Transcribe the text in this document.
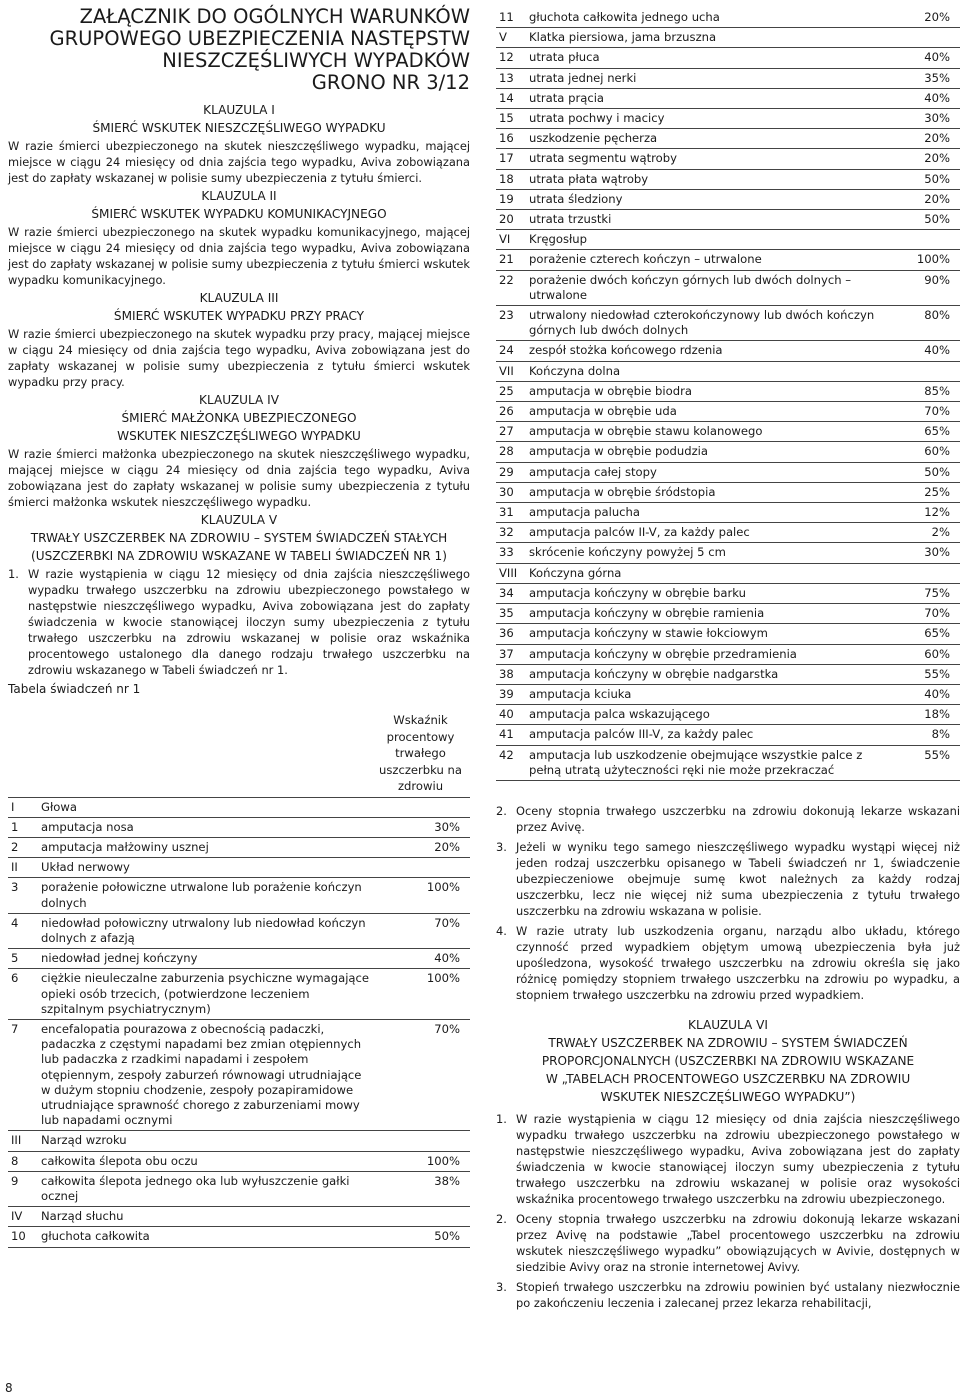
ZAŁĄCZNIK DO OGÓLNYCH WARUNKÓW
GRUPOWEGO UBEZPIECZENIA NASTĘPSTW
NIESZCZĘŚLIWYCH WYPADKÓW
GRONO NR 3/12
KLAUZULA I
ŚMIERĆ WSKUTEK NIESZCZĘŚLIWEGO WYPADKU
W razie śmierci ubezpieczonego na skutek nieszczęśliwego wypadku, mającej miejsce w ciągu 24 miesięcy od dnia zajścia tego wypadku, Aviva zobowiązana jest do zapłaty wskazanej w polisie sumy ubezpieczenia z tytułu śmierci.
KLAUZULA II
ŚMIERĆ WSKUTEK WYPADKU KOMUNIKACYJNEGO
W razie śmierci ubezpieczonego na skutek wypadku komunikacyjnego, mającej miejsce w ciągu 24 miesięcy od dnia zajścia tego wypadku, Aviva zobowiązana jest do zapłaty wskazanej w polisie sumy ubezpieczenia z tytułu śmierci wskutek wypadku komunikacyjnego.
KLAUZULA III
ŚMIERĆ WSKUTEK WYPADKU PRZY PRACY
W razie śmierci ubezpieczonego na skutek wypadku przy pracy, mającej miejsce w ciągu 24 miesięcy od dnia zajścia tego wypadku, Aviva zobowiązana jest do zapłaty wskazanej w polisie sumy ubezpieczenia z tytułu śmierci wskutek wypadku przy pracy.
KLAUZULA IV
ŚMIERĆ MAŁŻONKA UBEZPIECZONEGO
WSKUTEK NIESZCZĘŚLIWEGO WYPADKU
W razie śmierci małżonka ubezpieczonego na skutek nieszczęśliwego wypadku, mającej miejsce w ciągu 24 miesięcy od dnia zajścia tego wypadku, Aviva zobowiązana jest do zapłaty wskazanej w polisie sumy ubezpieczenia z tytułu śmierci małżonka wskutek nieszczęśliwego wypadku.
KLAUZULA V
TRWAŁY USZCZERBEK NA ZDROWIU – SYSTEM ŚWIADCZEŃ STAŁYCH
(USZCZERBKI NA ZDROWIU WSKAZANE W TABELI ŚWIADCZEŃ NR 1)
1. W razie wystąpienia w ciągu 12 miesięcy od dnia zajścia nieszczęśliwego wypadku trwałego uszczerbku na zdrowiu ubezpieczonego powstałego w następstwie nieszczęśliwego wypadku, Aviva zobowiązana jest do zapłaty świadczenia w kwocie stanowiącej iloczyn sumy ubezpieczenia z tytułu trwałego uszczerbku na zdrowiu wskazanej w polisie oraz wskaźnika procentowego ustalonego dla danego rodzaju trwałego uszczerbku na zdrowiu wskazanego w Tabeli świadczeń nr 1.
Tabela świadczeń nr 1
		Wskaźnik procentowy trwałego uszczerbku na zdrowiu
I	Głowa	
1	amputacja nosa	30%
2	amputacja małżowiny usznej	20%
II	Układ nerwowy	
3	porażenie połowiczne utrwalone lub porażenie kończyn dolnych	100%
4	niedowład połowiczny utrwalony lub niedowład kończyn dolnych z afazją	70%
5	niedowład jednej kończyny	40%
6	ciężkie nieuleczalne zaburzenia psychiczne wymagające opieki osób trzecich, (potwierdzone leczeniem szpitalnym psychiatrycznym)	100%
7	encefalopatia pourazowa z obecnością padaczki, padaczka z częstymi napadami bez zmian otępiennych lub padaczka z rzadkimi napadami i zespołem otępiennym, zespoły zaburzeń równowagi utrudniające w dużym stopniu chodzenie, zespoły pozapiramidowe utrudniające sprawność chorego z zaburzeniami mowy lub napadami ocznymi	70%
III	Narząd wzroku	
8	całkowita ślepota obu oczu	100%
9	całkowita ślepota jednego oka lub wyłuszczenie gałki ocznej	38%
IV	Narząd słuchu	
10	głuchota całkowita	50%
11	głuchota całkowita jednego ucha	20%
V	Klatka piersiowa, jama brzuszna	
12	utrata płuca	40%
13	utrata jednej nerki	35%
14	utrata prącia	40%
15	utrata pochwy i macicy	30%
16	uszkodzenie pęcherza	20%
17	utrata segmentu wątroby	20%
18	utrata płata wątroby	50%
19	utrata śledziony	20%
20	utrata trzustki	50%
VI	Kręgosłup	
21	porażenie czterech kończyn – utrwalone	100%
22	porażenie dwóch kończyn górnych lub dwóch dolnych – utrwalone	90%
23	utrwalony niedowład czterokończynowy lub dwóch kończyn górnych lub dwóch dolnych	80%
24	zespół stożka końcowego rdzenia	40%
VII	Kończyna dolna	
25	amputacja w obrębie biodra	85%
26	amputacja w obrębie uda	70%
27	amputacja w obrębie stawu kolanowego	65%
28	amputacja w obrębie podudzia	60%
29	amputacja całej stopy	50%
30	amputacja w obrębie śródstopia	25%
31	amputacja palucha	12%
32	amputacja palców II-V, za każdy palec	2%
33	skrócenie kończyny powyżej 5 cm	30%
VIII	Kończyna górna	
34	amputacja kończyny w obrębie barku	75%
35	amputacja kończyny w obrębie ramienia	70%
36	amputacja kończyny w stawie łokciowym	65%
37	amputacja kończyny w obrębie przedramienia	60%
38	amputacja kończyny w obrębie nadgarstka	55%
39	amputacja kciuka	40%
40	amputacja palca wskazującego	18%
41	amputacja palców III-V, za każdy palec	8%
42	amputacja lub uszkodzenie obejmujące wszystkie palce z pełną utratą użyteczności ręki nie może przekraczać	55%
2. Oceny stopnia trwałego uszczerbku na zdrowiu dokonują lekarze wskazani przez Avivę.
3. Jeżeli w wyniku tego samego nieszczęśliwego wypadku wystąpi więcej niż jeden rodzaj uszczerbku opisanego w Tabeli świadczeń nr 1, świadczenie ubezpieczeniowe obejmuje sumę kwot należnych za każdy rodzaj uszczerbku, lecz nie więcej niż suma ubezpieczenia z tytułu trwałego uszczerbku na zdrowiu wskazana w polisie.
4. W razie utraty lub uszkodzenia organu, narządu albo układu, którego czynność przed wypadkiem objętym umową ubezpieczenia była już upośledzona, wysokość trwałego uszczerbku na zdrowiu określa się jako różnicę pomiędzy stopniem trwałego uszczerbku na zdrowiu po wypadku, a stopniem trwałego uszczerbku na zdrowiu przed wypadkiem.
KLAUZULA VI
TRWAŁY USZCZERBEK NA ZDROWIU – SYSTEM ŚWIADCZEŃ
PROPORCJONALNYCH (USZCZERBKI NA ZDROWIU WSKAZANE
W „TABELACH PROCENTOWEGO USZCZERBKU NA ZDROWIU
WSKUTEK NIESZCZĘŚLIWEGO WYPADKU”)
1. W razie wystąpienia w ciągu 12 miesięcy od dnia zajścia nieszczęśliwego wypadku trwałego uszczerbku na zdrowiu ubezpieczonego powstałego w następstwie nieszczęśliwego wypadku, Aviva zobowiązana jest do zapłaty świadczenia w kwocie stanowiącej iloczyn sumy ubezpieczenia z tytułu trwałego uszczerbku na zdrowiu wskazanej w polisie oraz wysokości wskaźnika procentowego trwałego uszczerbku na zdrowiu ubezpieczonego.
2. Oceny stopnia trwałego uszczerbku na zdrowiu dokonują lekarze wskazani przez Avivę na podstawie „Tabel procentowego uszczerbku na zdrowiu wskutek nieszczęśliwego wypadku” obowiązujących w Avivie, dostępnych w siedzibie Avivy oraz na stronie internetowej Avivy.
3. Stopień trwałego uszczerbku na zdrowiu powinien być ustalany niezwłocznie po zakończeniu leczenia i zalecanej przez lekarza rehabilitacji,
8
